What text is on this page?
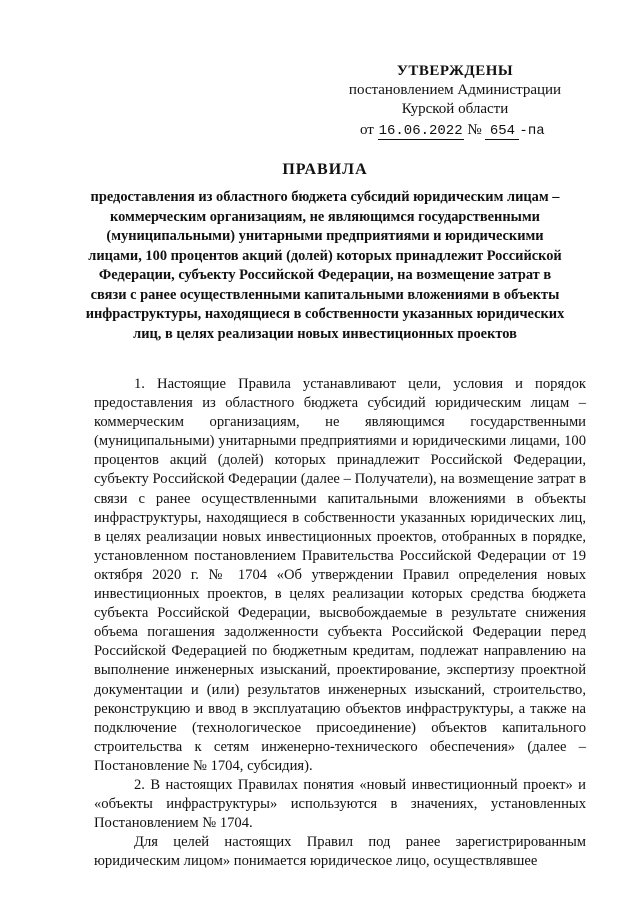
УТВЕРЖДЕНЫ
постановлением Администрации
Курской области
от 16.06.2022 № 654 -па
ПРАВИЛА
предоставления из областного бюджета субсидий юридическим лицам – коммерческим организациям, не являющимся государственными (муниципальными) унитарными предприятиями и юридическими лицами, 100 процентов акций (долей) которых принадлежит Российской Федерации, субъекту Российской Федерации, на возмещение затрат в связи с ранее осуществленными капитальными вложениями в объекты инфраструктуры, находящиеся в собственности указанных юридических лиц, в целях реализации новых инвестиционных проектов

1. Настоящие Правила устанавливают цели, условия и порядок предоставления из областного бюджета субсидий юридическим лицам – коммерческим организациям, не являющимся государственными (муниципальными) унитарными предприятиями и юридическими лицами, 100 процентов акций (долей) которых принадлежит Российской Федерации, субъекту Российской Федерации (далее – Получатели), на возмещение затрат в связи с ранее осуществленными капитальными вложениями в объекты инфраструктуры, находящиеся в собственности указанных юридических лиц, в целях реализации новых инвестиционных проектов, отобранных в порядке, установленном постановлением Правительства Российской Федерации от 19 октября 2020 г. № 1704 «Об утверждении Правил определения новых инвестиционных проектов, в целях реализации которых средства бюджета субъекта Российской Федерации, высвобождаемые в результате снижения объема погашения задолженности субъекта Российской Федерации перед Российской Федерацией по бюджетным кредитам, подлежат направлению на выполнение инженерных изысканий, проектирование, экспертизу проектной документации и (или) результатов инженерных изысканий, строительство, реконструкцию и ввод в эксплуатацию объектов инфраструктуры, а также на подключение (технологическое присоединение) объектов капитального строительства к сетям инженерно-технического обеспечения» (далее – Постановление № 1704, субсидия).

2. В настоящих Правилах понятия «новый инвестиционный проект» и «объекты инфраструктуры» используются в значениях, установленных Постановлением № 1704.

Для целей настоящих Правил под ранее зарегистрированным юридическим лицом» понимается юридическое лицо, осуществлявшее
